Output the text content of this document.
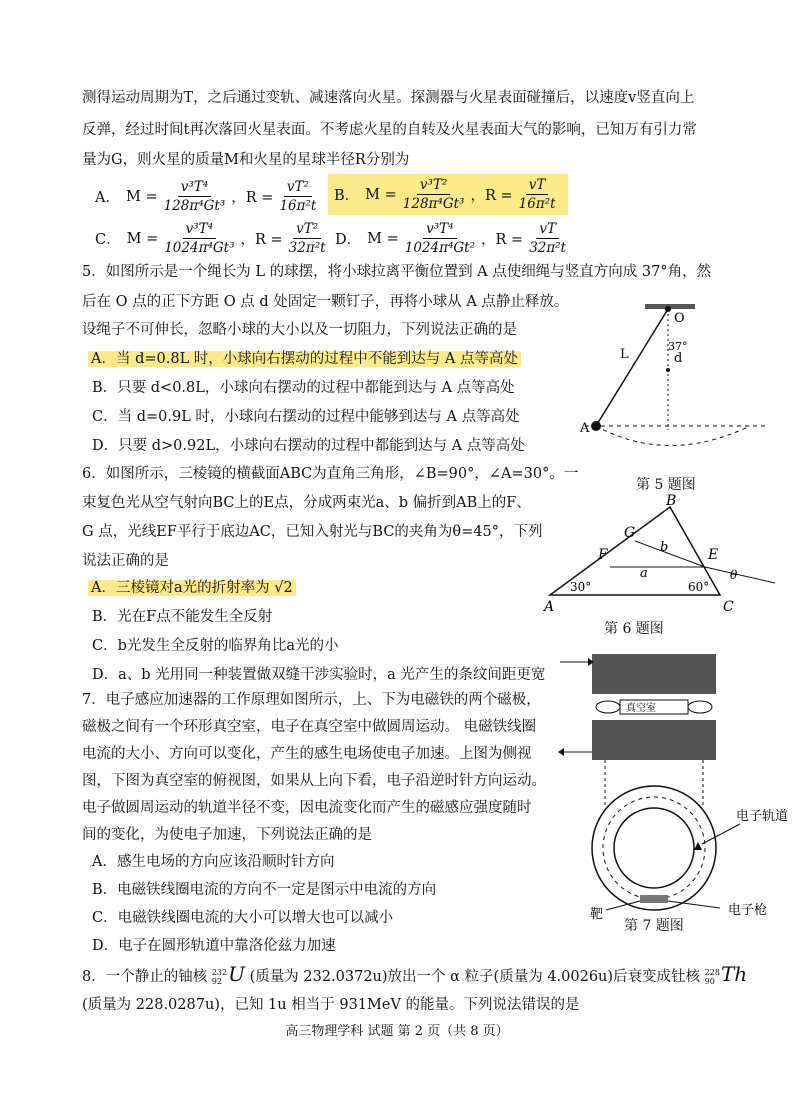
测得运动周期为T，之后通过变轨、减速落向火星。探测器与火星表面碰撞后，以速度v竖直向上
反弹，经过时间t再次落回火星表面。不考虑火星的自转及火星表面大气的影响，已知万有引力常
量为G，则火星的质量M和火星的星球半径R分别为
A． $M = \frac{\text{v³T⁴}}{\text{128π⁴Gt³}}$ ，$R = \frac{\text{vT²}}{\text{16π²t}}$ B． $M = \frac{\text{v³T²}}{\text{128π⁴Gt³}}$ ，$R = \frac{vT}{\text{16π²t}}$
C． $M = \frac{\text{v³T⁴}}{\text{1024π⁴Gt³}}$ ，$R = \frac{\text{vT²}}{\text{32π²t}}$ D． $M = \frac{\text{v³T⁴}}{\text{1024π⁴Gt²}}$ ，$R = \frac{vT}{\text{32π²t}}$
5．如图所示是一个绳长为 L 的球摆，将小球拉离平衡位置到 A 点使细绳与竖直方向成 37°角，然
后在 O 点的正下方距 O 点 d 处固定一颗钉子，再将小球从 A 点静止释放。
设绳子不可伸长，忽略小球的大小以及一切阻力，下列说法正确的是
A．当 d=0.8L 时，小球向右摆动的过程中不能到达与 A 点等高处
B．只要 d<0.8L，小球向右摆动的过程中都能到达与 A 点等高处
C．当 d=0.9L 时，小球向右摆动的过程中能够到达与 A 点等高处
D．只要 d>0.92L，小球向右摆动的过程中都能到达与 A 点等高处
O
L
37°
d
A
第 5 题图
6．如图所示，三棱镜的横截面ABC为直角三角形，∠B=90°，∠A=30°。一
束复色光从空气射向BC上的E点，分成两束光a、b 偏折到AB上的F、
G 点，光线EF平行于底边AC，已知入射光与BC的夹角为θ=45°，下列
说法正确的是
A．三棱镜对a光的折射率为 √2
B．光在F点不能发生全反射
C．b光发生全反射的临界角比a光的小
D．a、b 光用同一种装置做双缝干涉实验时，a 光产生的条纹间距更宽
A	C
B
E
F
G
a
b
θ
30°	60°
第 6 题图
7．电子感应加速器的工作原理如图所示，上、下为电磁铁的两个磁极，
磁极之间有一个环形真空室，电子在真空室中做圆周运动。 电磁铁线圈
电流的大小、方向可以变化，产生的感生电场使电子加速。上图为侧视
图，下图为真空室的俯视图，如果从上向下看，电子沿逆时针方向运动。
电子做圆周运动的轨道半径不变，因电流变化而产生的磁感应强度随时
间的变化，为使电子加速，下列说法正确的是
A．感生电场的方向应该沿顺时针方向
B．电磁铁线圈电流的方向不一定是图示中电流的方向
C．电磁铁线圈电流的大小可以增大也可以减小
D．电子在圆形轨道中靠洛伦兹力加速
真空室
电子轨道
电子枪
靶
第 7 题图
8．一个静止的铀核 232
92 U (质量为 232.0372u)放出一个 α 粒子(质量为 4.0026u)后衰变成钍核 228
90 Th
(质量为 228.0287u)，已知 1u 相当于 931MeV 的能量。下列说法错误的是
高三物理学科 试题 第 2 页（共 8 页）
